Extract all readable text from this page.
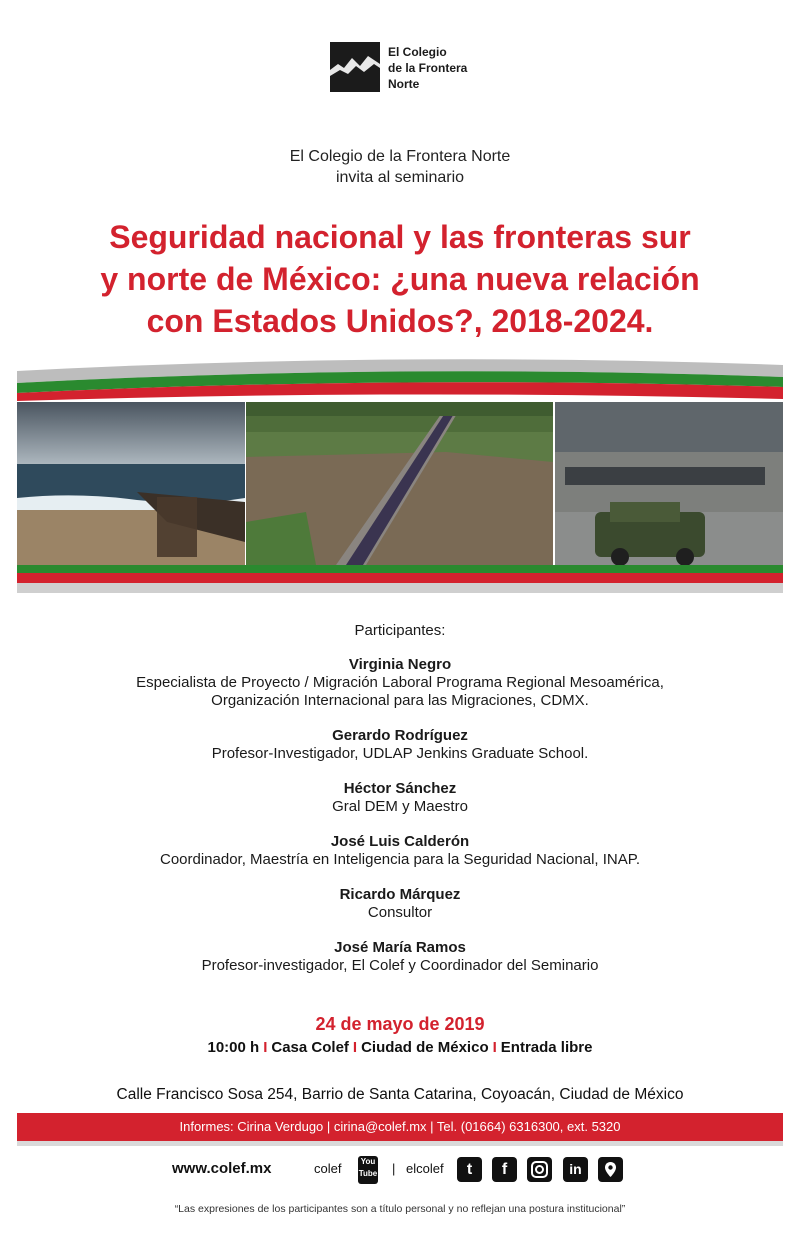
El Colegio
de la Frontera
Norte
El Colegio de la Frontera Norte
invita al seminario
Seguridad nacional y las fronteras sur
y norte de México: ¿una nueva relación
con Estados Unidos?, 2018-2024.
Participantes:
Virginia Negro
Especialista de Proyecto / Migración Laboral Programa Regional Mesoamérica,
Organización Internacional para las Migraciones, CDMX.
Gerardo Rodríguez
Profesor-Investigador, UDLAP Jenkins Graduate School.
Héctor Sánchez
Gral DEM y Maestro
José Luis Calderón
Coordinador, Maestría en Inteligencia para la Seguridad Nacional, INAP.
Ricardo Márquez
Consultor
José María Ramos
Profesor-investigador, El Colef y Coordinador del Seminario
24 de mayo de 2019
10:00 h I Casa Colef I Ciudad de México I Entrada libre
Calle Francisco Sosa 254, Barrio de Santa Catarina, Coyoacán, Ciudad de México
Informes: Cirina Verdugo | cirina@colef.mx | Tel. (01664) 6316300, ext. 5320
www.colef.mx	colef	You
Tube | elcolef	t	f	in
“Las expresiones de los participantes son a título personal y no reflejan una postura institucional”
